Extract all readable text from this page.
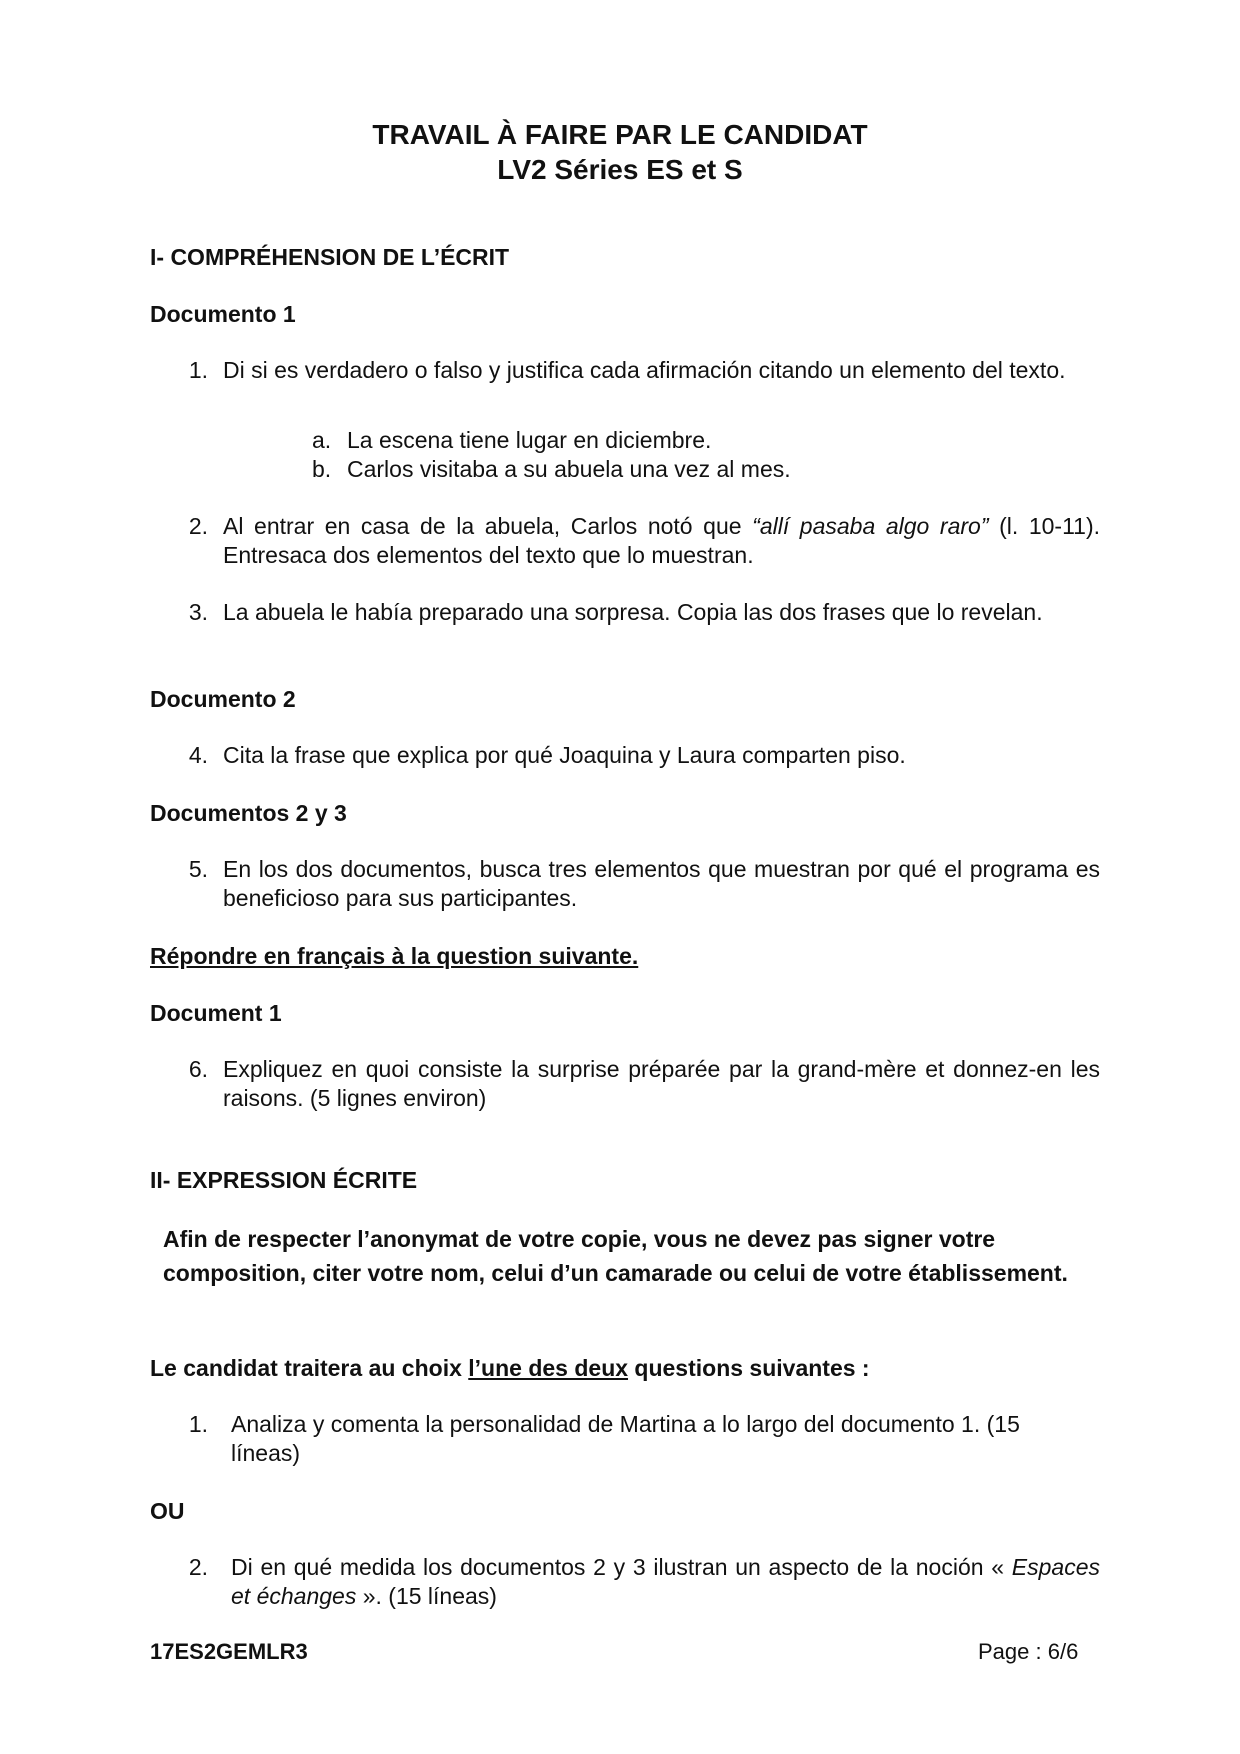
TRAVAIL À FAIRE PAR LE CANDIDAT
LV2 Séries ES et S
I- COMPRÉHENSION DE L’ÉCRIT
Documento 1
1. Di si es verdadero o falso y justifica cada afirmación citando un elemento del texto.
a. La escena tiene lugar en diciembre.
b. Carlos visitaba a su abuela una vez al mes.
2. Al entrar en casa de la abuela, Carlos notó que “allí pasaba algo raro” (l. 10-11). Entresaca dos elementos del texto que lo muestran.
3. La abuela le había preparado una sorpresa. Copia las dos frases que lo revelan.
Documento 2
4. Cita la frase que explica por qué Joaquina y Laura comparten piso.
Documentos 2 y 3
5. En los dos documentos, busca tres elementos que muestran por qué el programa es beneficioso para sus participantes.
Répondre en français à la question suivante.
Document 1
6. Expliquez en quoi consiste la surprise préparée par la grand-mère et donnez-en les raisons. (5 lignes environ)
II- EXPRESSION ÉCRITE
Afin de respecter l’anonymat de votre copie, vous ne devez pas signer votre composition, citer votre nom, celui d’un camarade ou celui de votre établissement.
Le candidat traitera au choix l’une des deux questions suivantes :
1. Analiza y comenta la personalidad de Martina a lo largo del documento 1. (15 líneas)
OU
2. Di en qué medida los documentos 2 y 3 ilustran un aspecto de la noción « Espaces et échanges ». (15 líneas)
17ES2GEMLR3	Page : 6/6
